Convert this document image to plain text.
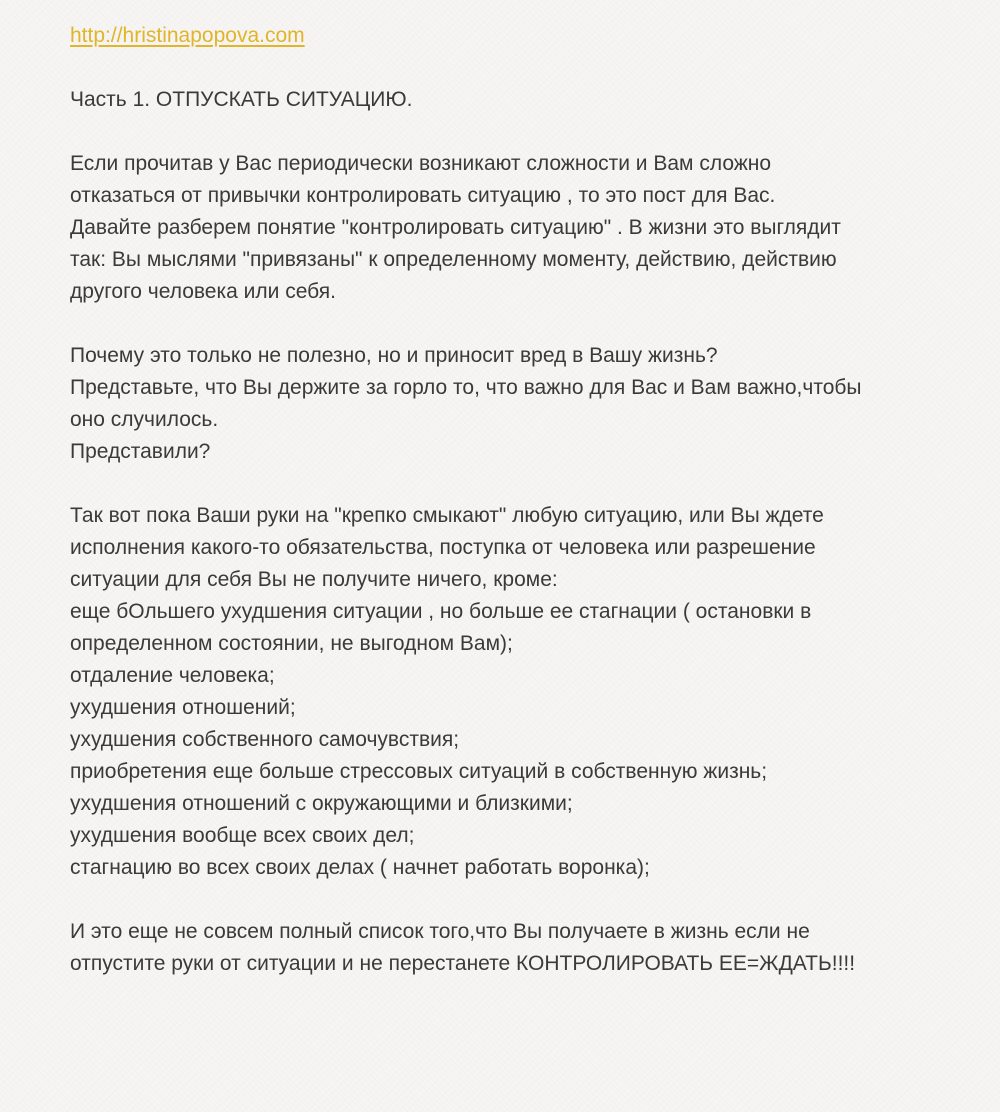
http://hristinapopova.com

Часть 1. ОТПУСКАТЬ СИТУАЦИЮ.

Если прочитав у Вас периодически возникают сложности и Вам сложно
отказаться от привычки контролировать ситуацию , то это пост для Вас.
Давайте разберем понятие "контролировать ситуацию" . В жизни это выглядит
так: Вы мыслями "привязаны" к определенному моменту, действию, действию
другого человека или себя.

Почему это только не полезно, но и приносит вред в Вашу жизнь?
Представьте, что Вы держите за горло то, что важно для Вас и Вам важно,чтобы
оно случилось.
Представили?

Так вот пока Ваши руки на "крепко смыкают" любую ситуацию, или Вы ждете
исполнения какого-то обязательства, поступка от человека или разрешение
ситуации для себя Вы не получите ничего, кроме:
еще бОльшего ухудшения ситуации , но больше ее стагнации ( остановки в
определенном состоянии, не выгодном Вам);
отдаление человека;
ухудшения отношений;
ухудшения собственного самочувствия;
приобретения еще больше стрессовых ситуаций в собственную жизнь;
ухудшения отношений с окружающими и близкими;
ухудшения вообще всех своих дел;
стагнацию во всех своих делах ( начнет работать воронка);

И это еще не совсем полный список того,что Вы получаете в жизнь если не
отпустите руки от ситуации и не перестанете КОНТРОЛИРОВАТЬ ЕЕ=ЖДАТЬ!!!!
